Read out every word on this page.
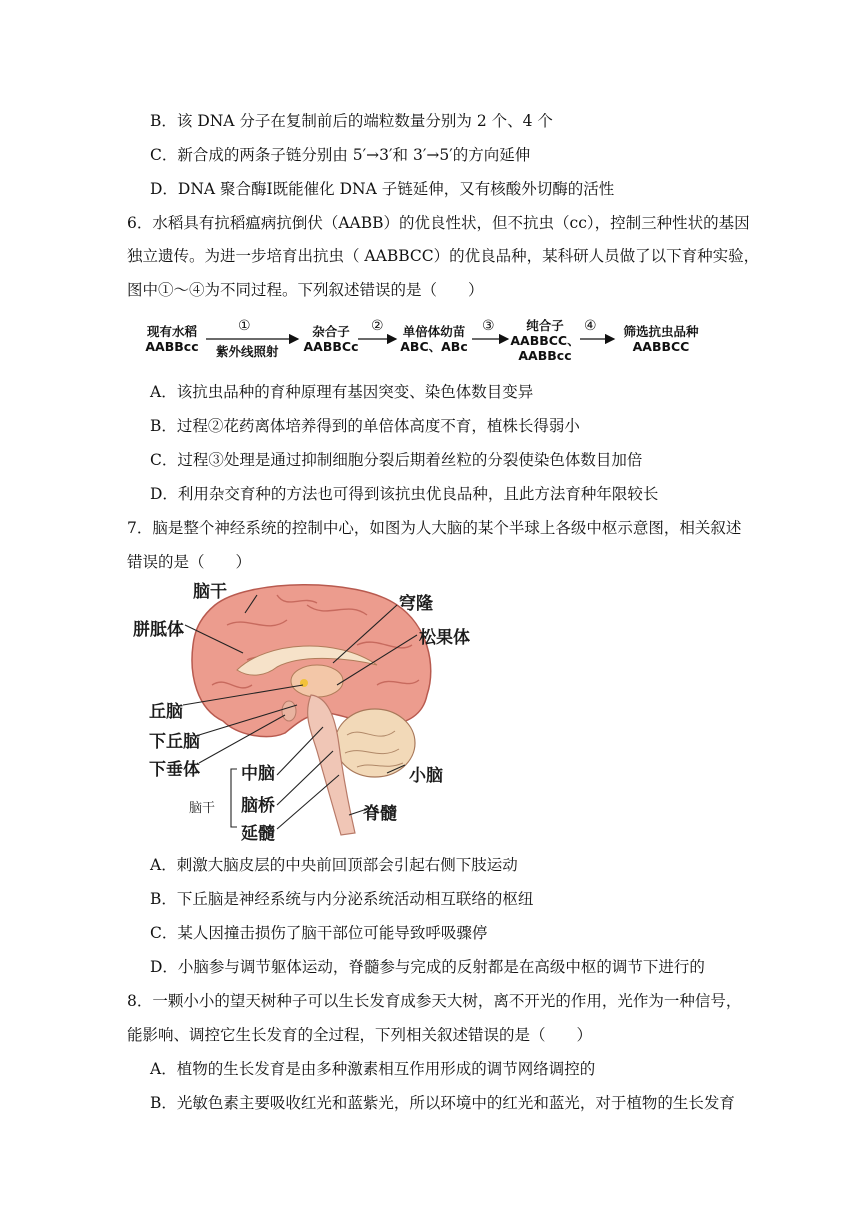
B．该 DNA 分子在复制前后的端粒数量分别为 2 个、4 个
C．新合成的两条子链分别由 5′→3′和 3′→5′的方向延伸
D．DNA 聚合酶Ⅰ既能催化 DNA 子链延伸，又有核酸外切酶的活性
6．水稻具有抗稻瘟病抗倒伏（AABB）的优良性状，但不抗虫（cc），控制三种性状的基因
独立遗传。为进一步培育出抗虫（ AABBCC）的优良品种，某科研人员做了以下育种实验，
图中①～④为不同过程。下列叙述错误的是（　　）
现有水稻
AABBcc
①
紫外线照射
杂合子
AABBCc
②	单倍体幼苗
ABC、ABc
③	纯合子
AABBCC、
AABBcc
④	筛选抗虫品种
AABBCC
A．该抗虫品种的育种原理有基因突变、染色体数目变异
B．过程②花药离体培养得到的单倍体高度不育，植株长得弱小
C．过程③处理是通过抑制细胞分裂后期着丝粒的分裂使染色体数目加倍
D．利用杂交育种的方法也可得到该抗虫优良品种，且此方法育种年限较长
7．脑是整个神经系统的控制中心，如图为人大脑的某个半球上各级中枢示意图，相关叙述
错误的是（　　）
脑干
穹隆
胼胝体	松果体
丘脑
下丘脑
下垂体	小脑
中脑
脑桥	脊髓
延髓
脑干
A．刺激大脑皮层的中央前回顶部会引起右侧下肢运动
B．下丘脑是神经系统与内分泌系统活动相互联络的枢纽
C．某人因撞击损伤了脑干部位可能导致呼吸骤停
D．小脑参与调节躯体运动，脊髓参与完成的反射都是在高级中枢的调节下进行的
8．一颗小小的望天树种子可以生长发育成参天大树，离不开光的作用，光作为一种信号，
能影响、调控它生长发育的全过程，下列相关叙述错误的是（　　）
A．植物的生长发育是由多种激素相互作用形成的调节网络调控的
B．光敏色素主要吸收红光和蓝紫光，所以环境中的红光和蓝光，对于植物的生长发育
